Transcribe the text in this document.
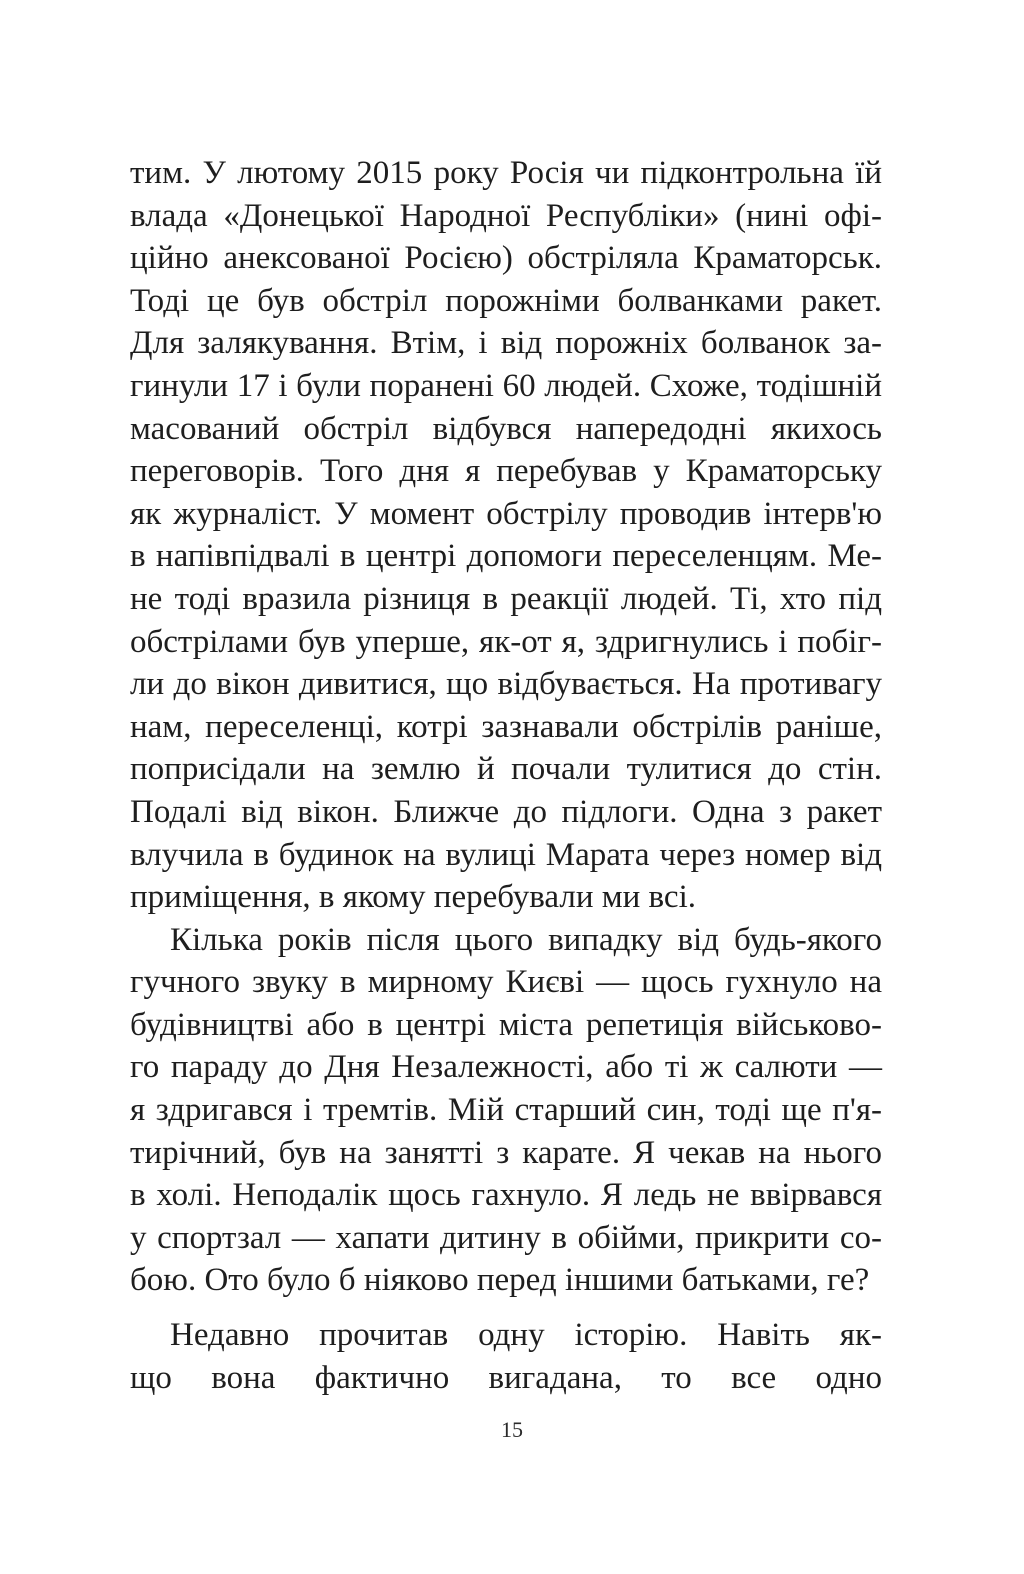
тим. У лютому 2015 року Росія чи підконтрольна їй
влада «Донецької Народної Республіки» (нині офі-
ційно анексованої Росією) обстріляла Краматорськ.
Тоді це був обстріл порожніми болванками ракет.
Для залякування. Втім, і від порожніх болванок за-
гинули 17 і були поранені 60 людей. Схоже, тодішній
масований обстріл відбувся напередодні якихось
переговорів. Того дня я перебував у Краматорську
як журналіст. У момент обстрілу проводив інтерв'ю
в напівпідвалі в центрі допомоги переселенцям. Ме-
не тоді вразила різниця в реакції людей. Ті, хто під
обстрілами був уперше, як-от я, здригнулись і побіг-
ли до вікон дивитися, що відбувається. На противагу
нам, переселенці, котрі зазнавали обстрілів раніше,
поприсідали на землю й почали тулитися до стін.
Подалі від вікон. Ближче до підлоги. Одна з ракет
влучила в будинок на вулиці Марата через номер від
приміщення, в якому перебували ми всі.
Кілька років після цього випадку від будь-якого
гучного звуку в мирному Києві — щось гухнуло на
будівництві або в центрі міста репетиція військово-
го параду до Дня Незалежності, або ті ж салюти —
я здригався і тремтів. Мій старший син, тоді ще п'я-
тирічний, був на занятті з карате. Я чекав на нього
в холі. Неподалік щось гахнуло. Я ледь не ввірвався
у спортзал — хапати дитину в обійми, прикрити со-
бою. Ото було б ніяково перед іншими батьками, ге?
Недавно прочитав одну історію. Навіть як-
що вона фактично вигадана, то все одно
15
